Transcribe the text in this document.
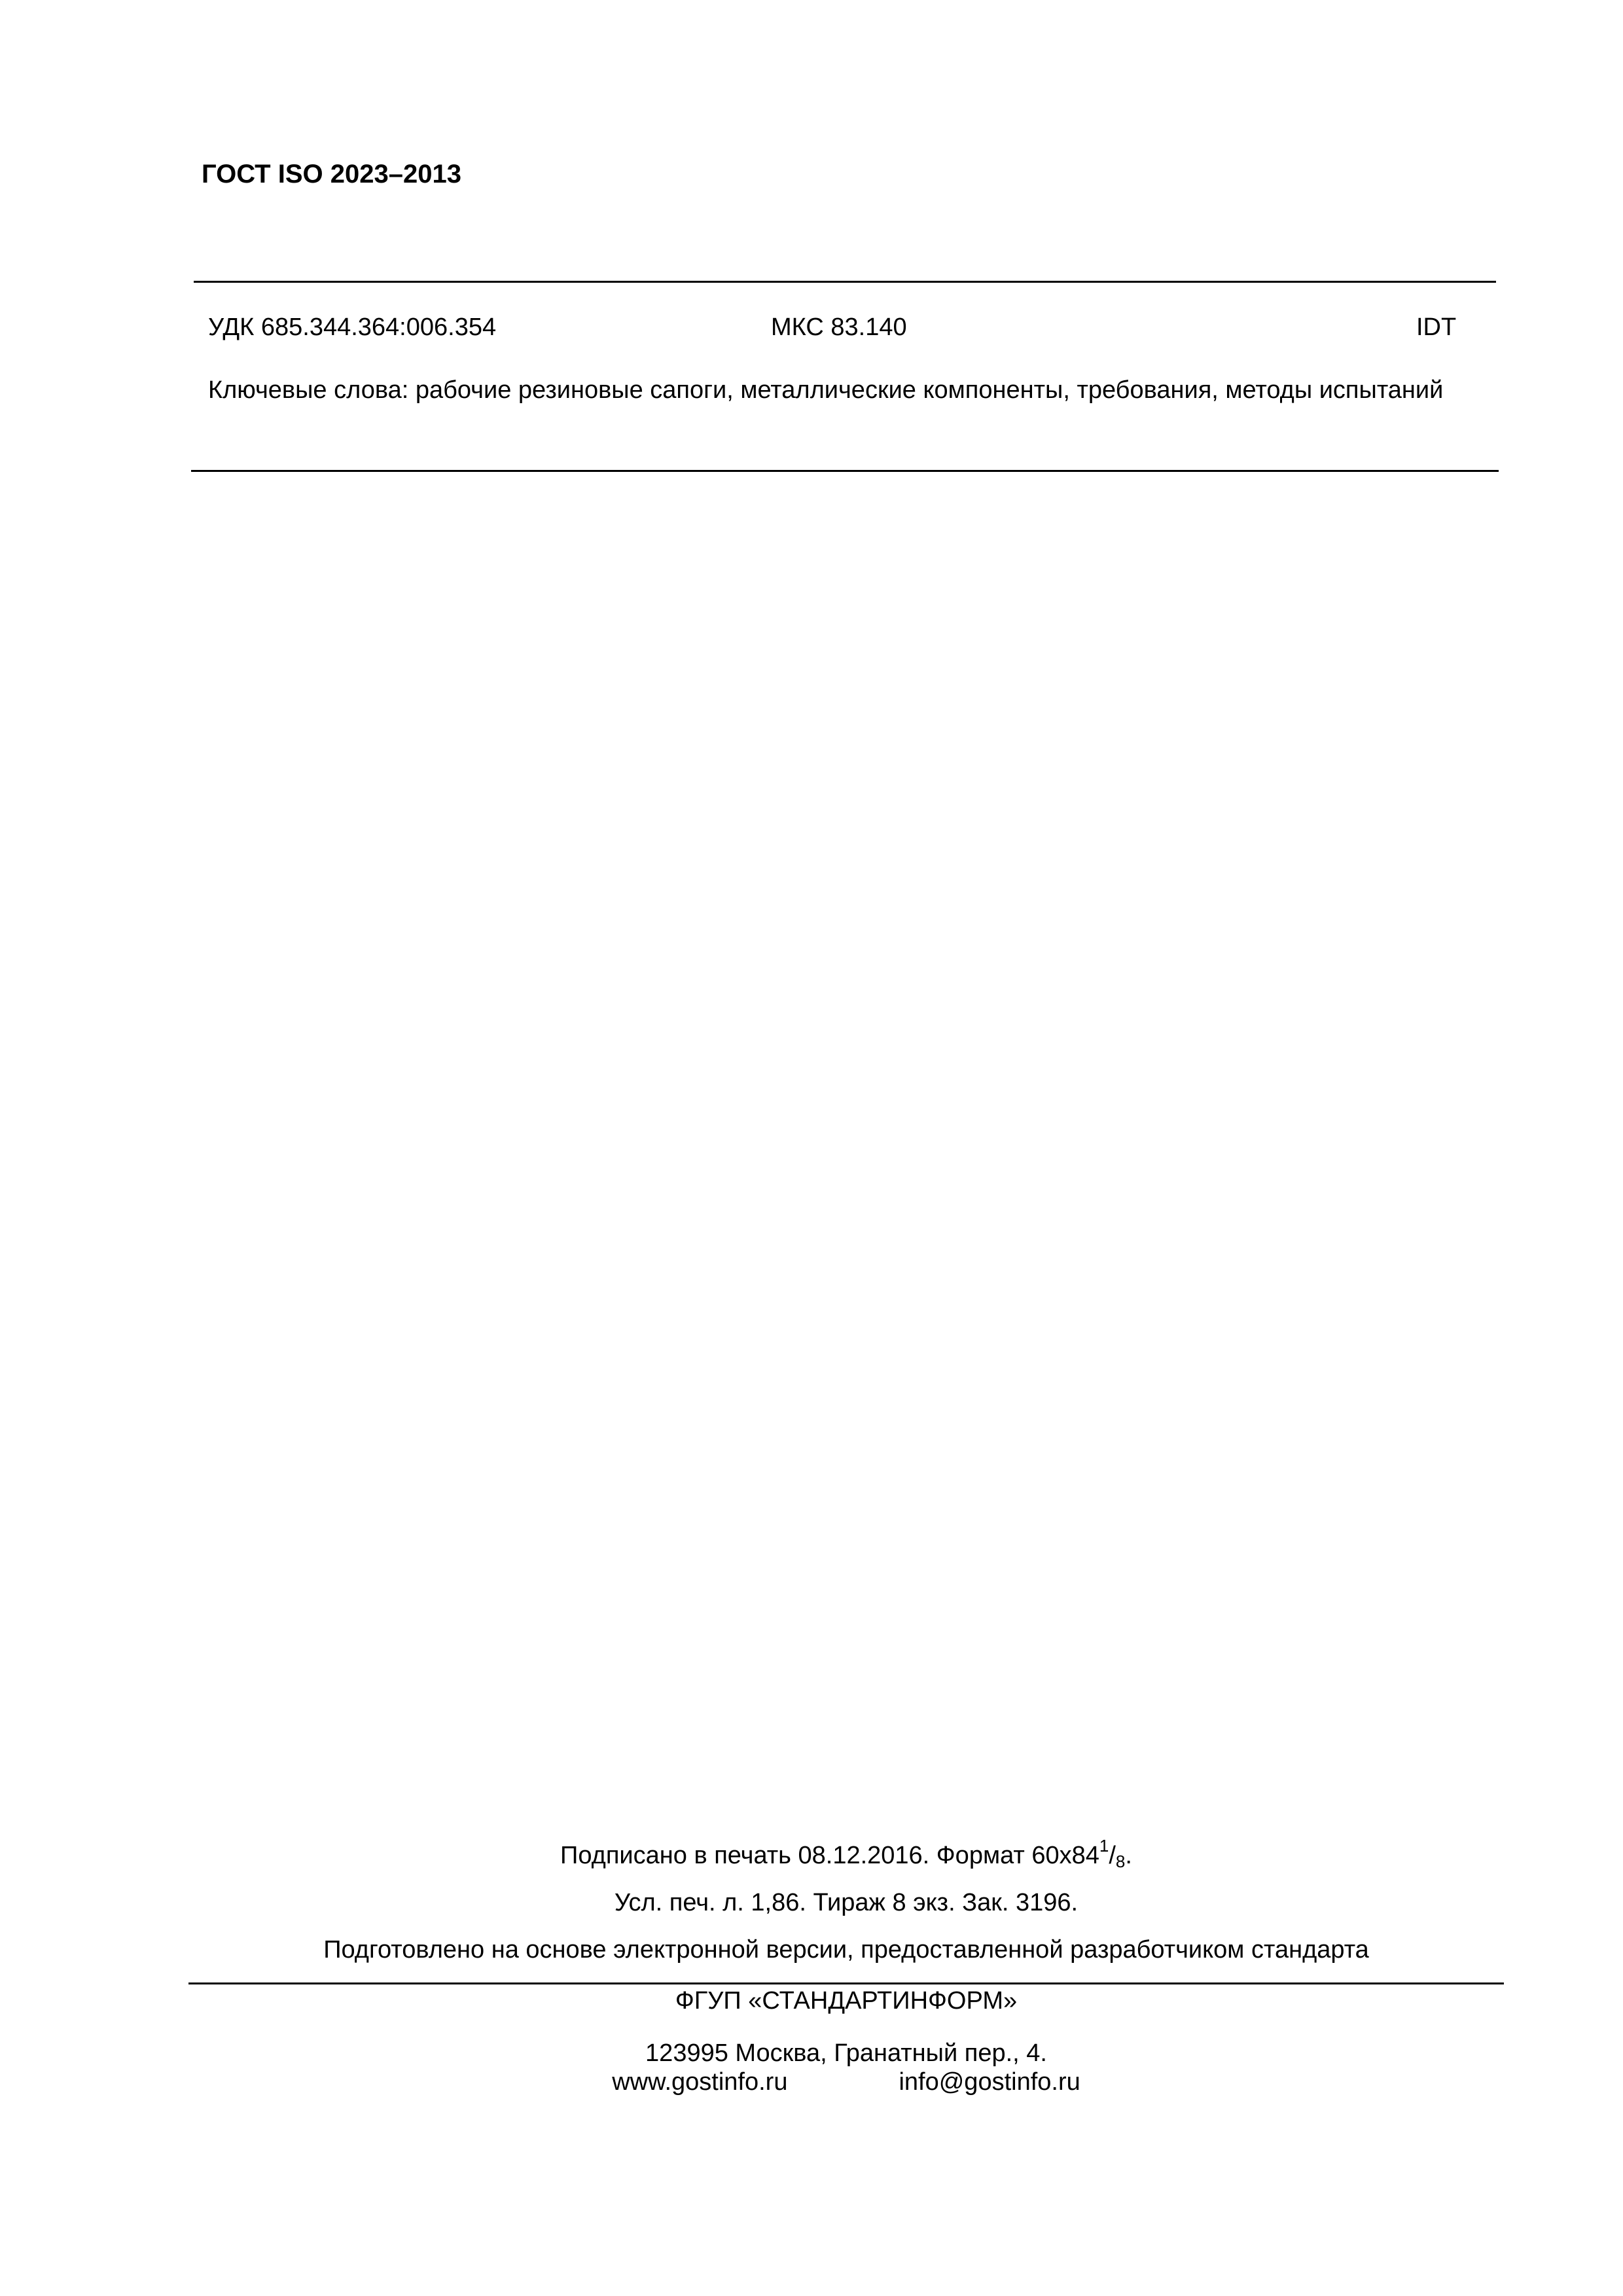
ГОСТ ISO 2023–2013
УДК 685.344.364:006.354	МКС 83.140	IDT
Ключевые слова: рабочие резиновые сапоги, металлические компоненты, требования, методы испытаний
Подписано в печать 08.12.2016. Формат $60x84^1/_8$.
Усл. печ. л. 1,86. Тираж 8 экз. Зак. 3196.
Подготовлено на основе электронной версии, предоставленной разработчиком стандарта
ФГУП «СТАНДАРТИНФОРМ»
123995 Москва, Гранатный пер., 4.
www.gostinfo.ru	info@gostinfo.ru
